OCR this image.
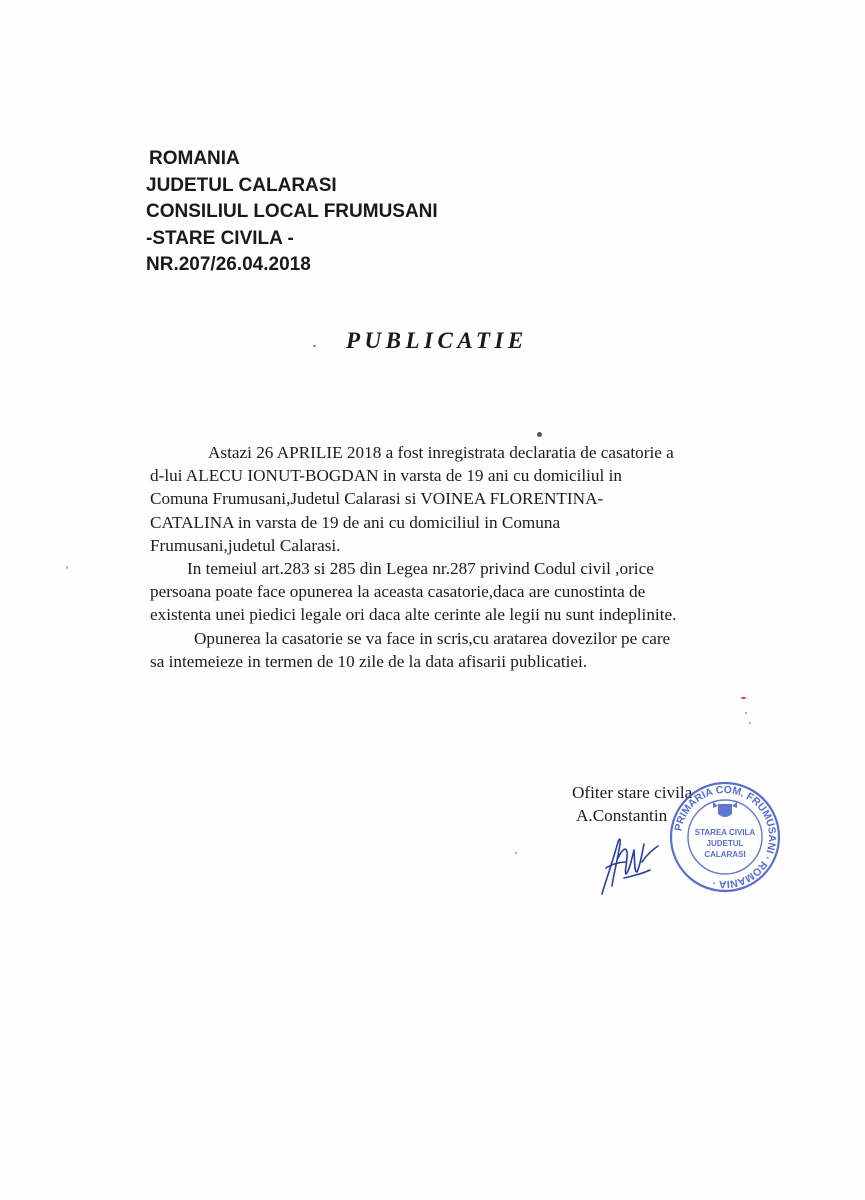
ROMANIA
JUDETUL CALARASI
CONSILIUL LOCAL FRUMUSANI
-STARE CIVILA -
NR.207/26.04.2018
PUBLICATIE
Astazi 26 APRILIE 2018 a fost inregistrata declaratia de casatorie a
d-lui ALECU IONUT-BOGDAN in varsta de 19 ani cu domiciliul in
Comuna Frumusani,Judetul Calarasi si VOINEA FLORENTINA-
CATALINA in varsta de 19 de ani cu domiciliul in Comuna
Frumusani,judetul Calarasi.
In temeiul art.283 si 285 din Legea nr.287 privind Codul civil ,orice
persoana poate face opunerea la aceasta casatorie,daca are cunostinta de
existenta unei piedici legale ori daca alte cerinte ale legii nu sunt indeplinite.
Opunerea la casatorie se va face in scris,cu aratarea dovezilor pe care
sa intemeieze in termen de 10 zile de la data afisarii publicatiei.
Ofiter stare civila
A.Constantin
PRIMARIA COM. FRUMUSANI · ROMANIA ·
STAREA CIVILA
JUDETUL
CALARASI
